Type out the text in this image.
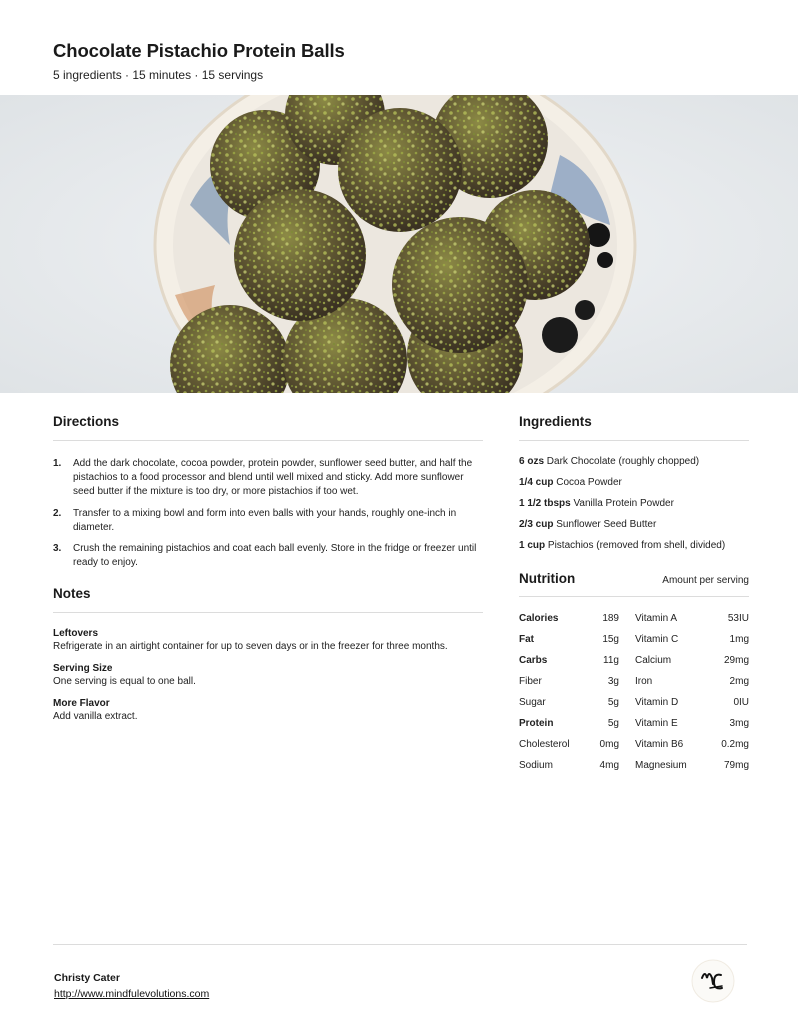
Chocolate Pistachio Protein Balls
5 ingredients · 15 minutes · 15 servings
Directions
1. Add the dark chocolate, cocoa powder, protein powder, sunflower seed butter, and half the pistachios to a food processor and blend until well mixed and sticky. Add more sunflower seed butter if the mixture is too dry, or more pistachios if too wet.
2. Transfer to a mixing bowl and form into even balls with your hands, roughly one-inch in diameter.
3. Crush the remaining pistachios and coat each ball evenly. Store in the fridge or freezer until ready to enjoy.
Notes
Leftovers
Refrigerate in an airtight container for up to seven days or in the freezer for three months.
Serving Size
One serving is equal to one ball.
More Flavor
Add vanilla extract.
Ingredients
6 ozs Dark Chocolate (roughly chopped)
1/4 cup Cocoa Powder
1 1/2 tbsps Vanilla Protein Powder
2/3 cup Sunflower Seed Butter
1 cup Pistachios (removed from shell, divided)
Nutrition	Amount per serving
Calories	189	Vitamin A	53IU
Fat	15g	Vitamin C	1mg
Carbs	11g	Calcium	29mg
Fiber	3g	Iron	2mg
Sugar	5g	Vitamin D	0IU
Protein	5g	Vitamin E	3mg
Cholesterol	0mg	Vitamin B6	0.2mg
Sodium	4mg	Magnesium	79mg
Christy Cater
http://www.mindfulevolutions.com
